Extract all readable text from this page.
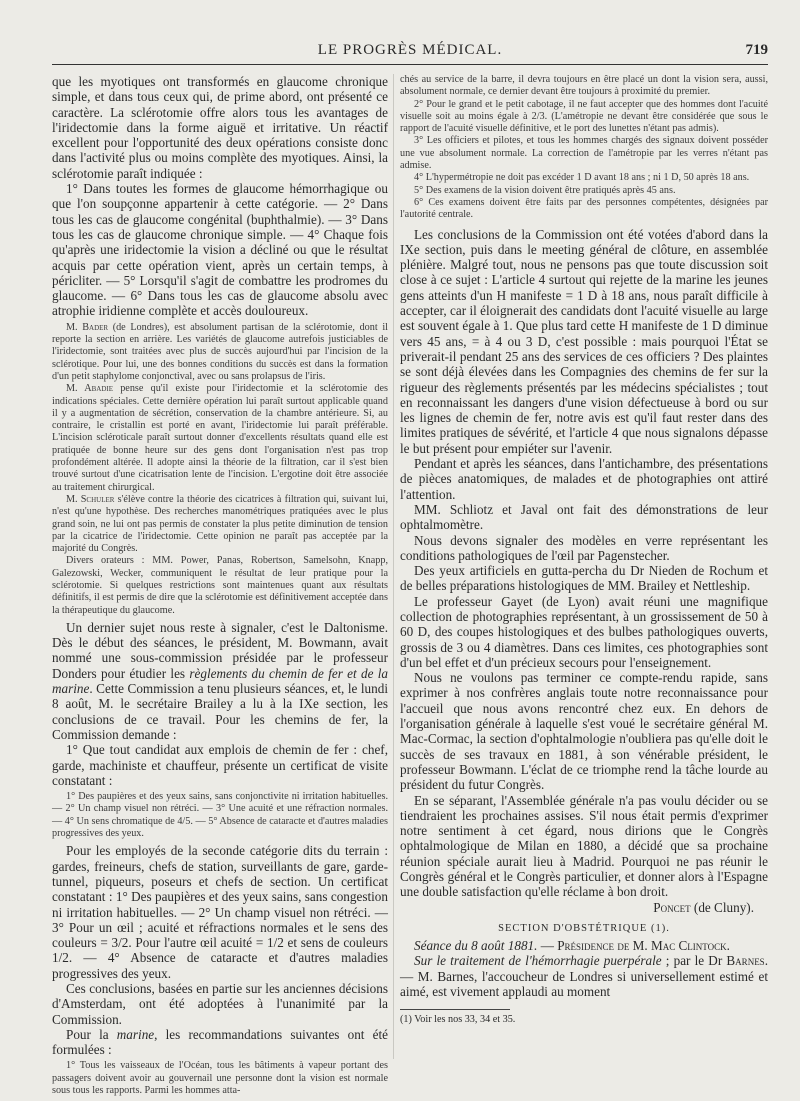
LE PROGRÈS MÉDICAL.	719

que les myotiques ont transformés en glaucome chronique simple, et dans tous ceux qui, de prime abord, ont présenté ce caractère. La sclérotomie offre alors tous les avantages de l'iridectomie dans la forme aiguë et irritative. Un réactif excellent pour l'opportunité des deux opérations consiste donc dans l'activité plus ou moins complète des myotiques. Ainsi, la sclérotomie paraît indiquée :

1° Dans toutes les formes de glaucome hémorrhagique ou que l'on soupçonne appartenir à cette catégorie. — 2° Dans tous les cas de glaucome congénital (buphthalmie). — 3° Dans tous les cas de glaucome chronique simple. — 4° Chaque fois qu'après une iridectomie la vision a décliné ou que le résultat acquis par cette opération vient, après un certain temps, à péricliter. — 5° Lorsqu'il s'agit de combattre les prodromes du glaucome. — 6° Dans tous les cas de glaucome absolu avec atrophie iridienne complète et accès douloureux.

M. Bader (de Londres), est absolument partisan de la sclérotomie, dont il reporte la section en arrière. Les variétés de glaucome autrefois justiciables de l'iridectomie, sont traitées avec plus de succès aujourd'hui par l'incision de la sclérotique. Pour lui, une des bonnes conditions du succès est dans la formation d'un petit staphylome conjonctival, avec ou sans prolapsus de l'iris.

M. Abadie pense qu'il existe pour l'iridectomie et la sclérotomie des indications spéciales. Cette dernière opération lui paraît surtout applicable quand il y a augmentation de sécrétion, conservation de la chambre antérieure. Si, au contraire, le cristallin est porté en avant, l'iridectomie lui paraît préférable. L'incision scléroticale paraît surtout donner d'excellents résultats quand elle est pratiquée de bonne heure sur des gens dont l'organisation n'est pas trop profondément altérée. Il adopte ainsi la théorie de la filtration, car il s'est bien trouvé surtout d'une cicatrisation lente de l'incision. L'ergotine doit être associée au traitement chirurgical.

M. Schuler s'élève contre la théorie des cicatrices à filtration qui, suivant lui, n'est qu'une hypothèse. Des recherches manométriques pratiquées avec le plus grand soin, ne lui ont pas permis de constater la plus petite diminution de tension par la cicatrice de l'iridectomie. Cette opinion ne paraît pas acceptée par la majorité du Congrès.

Divers orateurs : MM. Power, Panas, Robertson, Samelsohn, Knapp, Galezowski, Wecker, communiquent le résultat de leur pratique pour la sclérotomie. Si quelques restrictions sont maintenues quant aux résultats définitifs, il est permis de dire que la sclérotomie est définitivement acceptée dans la thérapeutique du glaucome.

Un dernier sujet nous reste à signaler, c'est le Daltonisme. Dès le début des séances, le président, M. Bowmann, avait nommé une sous-commission présidée par le professeur Donders pour étudier les règlements du chemin de fer et de la marine. Cette Commission a tenu plusieurs séances, et, le lundi 8 août, M. le secrétaire Brailey a lu à la IXe section, les conclusions de ce travail. Pour les chemins de fer, la Commission demande :

1° Que tout candidat aux emplois de chemin de fer : chef, garde, machiniste et chauffeur, présente un certificat de visite constatant :

1° Des paupières et des yeux sains, sans conjonctivite ni irritation habituelles. — 2° Un champ visuel non rétréci. — 3° Une acuité et une réfraction normales. — 4° Un sens chromatique de 4/5. — 5° Absence de cataracte et d'autres maladies progressives des yeux.

Pour les employés de la seconde catégorie dits du terrain : gardes, freineurs, chefs de station, surveillants de gare, garde-tunnel, piqueurs, poseurs et chefs de section. Un certificat constatant : 1° Des paupières et des yeux sains, sans congestion ni irritation habituelles. — 2° Un champ visuel non rétréci. — 3° Pour un œil ; acuité et réfractions normales et le sens des couleurs = 3/2. Pour l'autre œil acuité = 1/2 et sens de couleurs 1/2. — 4° Absence de cataracte et d'autres maladies progressives des yeux.

Ces conclusions, basées en partie sur les anciennes décisions d'Amsterdam, ont été adoptées à l'unanimité par la Commission.

Pour la marine, les recommandations suivantes ont été formulées :

1° Tous les vaisseaux de l'Océan, tous les bâtiments à vapeur portant des passagers doivent avoir au gouvernail une personne dont la vision est normale sous tous les rapports. Parmi les hommes atta-

chés au service de la barre, il devra toujours en être placé un dont la vision sera, aussi, absolument normale, ce dernier devant être toujours à proximité du premier.

2° Pour le grand et le petit cabotage, il ne faut accepter que des hommes dont l'acuité visuelle soit au moins égale à 2/3. (L'amétropie ne devant être considérée que sous le rapport de l'acuité visuelle définitive, et le port des lunettes n'étant pas admis).

3° Les officiers et pilotes, et tous les hommes chargés des signaux doivent posséder une vue absolument normale. La correction de l'amétropie par les verres n'étant pas admise.

4° L'hypermétropie ne doit pas excéder 1 D avant 18 ans ; ni 1 D, 50 après 18 ans.

5° Des examens de la vision doivent être pratiqués après 45 ans.

6° Ces examens doivent être faits par des personnes compétentes, désignées par l'autorité centrale.

Les conclusions de la Commission ont été votées d'abord dans la IXe section, puis dans le meeting général de clôture, en assemblée plénière. Malgré tout, nous ne pensons pas que toute discussion soit close à ce sujet : L'article 4 surtout qui rejette de la marine les jeunes gens atteints d'un H manifeste = 1 D à 18 ans, nous paraît difficile à accepter, car il éloignerait des candidats dont l'acuité visuelle au large est souvent égale à 1. Que plus tard cette H manifeste de 1 D diminue vers 45 ans, = à 4 ou 3 D, c'est possible : mais pourquoi l'État se priverait-il pendant 25 ans des services de ces officiers ? Des plaintes se sont déjà élevées dans les Compagnies des chemins de fer sur la rigueur des règlements présentés par les médecins spécialistes ; tout en reconnaissant les dangers d'une vision défectueuse à bord ou sur les lignes de chemin de fer, notre avis est qu'il faut rester dans des limites pratiques de sévérité, et l'article 4 que nous signalons dépasse le but présent pour empiéter sur l'avenir.

Pendant et après les séances, dans l'antichambre, des présentations de pièces anatomiques, de malades et de photographies ont attiré l'attention.

MM. Schliotz et Javal ont fait des démonstrations de leur ophtalmomètre.

Nous devons signaler des modèles en verre représentant les conditions pathologiques de l'œil par Pagenstecher.

Des yeux artificiels en gutta-percha du Dr Nieden de Rochum et de belles préparations histologiques de MM. Brailey et Nettleship.

Le professeur Gayet (de Lyon) avait réuni une magnifique collection de photographies représentant, à un grossissement de 50 à 60 D, des coupes histologiques et des bulbes pathologiques ouverts, grossis de 3 ou 4 diamètres. Dans ces limites, ces photographies sont d'un bel effet et d'un précieux secours pour l'enseignement.

Nous ne voulons pas terminer ce compte-rendu rapide, sans exprimer à nos confrères anglais toute notre reconnaissance pour l'accueil que nous avons rencontré chez eux. En dehors de l'organisation générale à laquelle s'est voué le secrétaire général M. Mac-Cormac, la section d'ophtalmologie n'oubliera pas qu'elle doit le succès de ses travaux en 1881, à son vénérable président, le professeur Bowmann. L'éclat de ce triomphe rend la tâche lourde au président du futur Congrès.

En se séparant, l'Assemblée générale n'a pas voulu décider ou se tiendraient les prochaines assises. S'il nous était permis d'exprimer notre sentiment à cet égard, nous dirions que le Congrès ophtalmologique de Milan en 1880, a décidé que sa prochaine réunion spéciale aurait lieu à Madrid. Pourquoi ne pas réunir le Congrès général et le Congrès particulier, et donner alors à l'Espagne une double satisfaction qu'elle réclame à bon droit.

Poncet (de Cluny).
SECTION D'OBSTÉTRIQUE (1).

Séance du 8 août 1881. — Présidence de M. Mac Clintock.

Sur le traitement de l'hémorrhagie puerpérale ; par le Dr Barnes. — M. Barnes, l'accoucheur de Londres si universellement estimé et aimé, est vivement applaudi au moment

(1) Voir les nos 33, 34 et 35.
